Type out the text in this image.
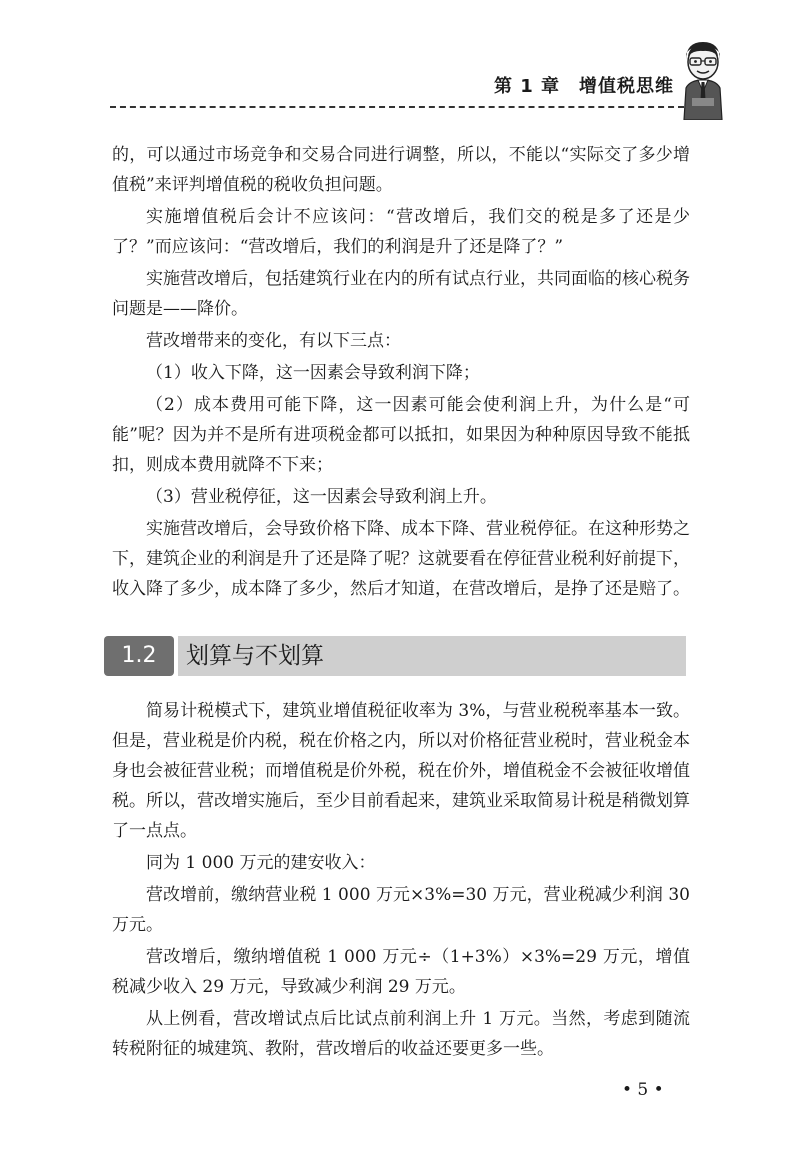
第 1 章　增值税思维

的，可以通过市场竞争和交易合同进行调整，所以，不能以“实际交了多少增值税”来评判增值税的税收负担问题。

实施增值税后会计不应该问：“营改增后，我们交的税是多了还是少了？”而应该问：“营改增后，我们的利润是升了还是降了？”

实施营改增后，包括建筑行业在内的所有试点行业，共同面临的核心税务问题是——降价。

营改增带来的变化，有以下三点：

（1）收入下降，这一因素会导致利润下降；

（2）成本费用可能下降，这一因素可能会使利润上升，为什么是“可能”呢？因为并不是所有进项税金都可以抵扣，如果因为种种原因导致不能抵扣，则成本费用就降不下来；

（3）营业税停征，这一因素会导致利润上升。

实施营改增后，会导致价格下降、成本下降、营业税停征。在这种形势之下，建筑企业的利润是升了还是降了呢？这就要看在停征营业税利好前提下，收入降了多少，成本降了多少，然后才知道，在营改增后，是挣了还是赔了。

1.2	划算与不划算

简易计税模式下，建筑业增值税征收率为 3%，与营业税税率基本一致。但是，营业税是价内税，税在价格之内，所以对价格征营业税时，营业税金本身也会被征营业税；而增值税是价外税，税在价外，增值税金不会被征收增值税。所以，营改增实施后，至少目前看起来，建筑业采取简易计税是稍微划算了一点点。

同为 1 000 万元的建安收入：

营改增前，缴纳营业税 1 000 万元×3%=30 万元，营业税减少利润 30 万元。

营改增后，缴纳增值税 1 000 万元÷（1+3%）×3%=29 万元，增值税减少收入 29 万元，导致减少利润 29 万元。

从上例看，营改增试点后比试点前利润上升 1 万元。当然，考虑到随流转税附征的城建筑、教附，营改增后的收益还要更多一些。

• 5 •
